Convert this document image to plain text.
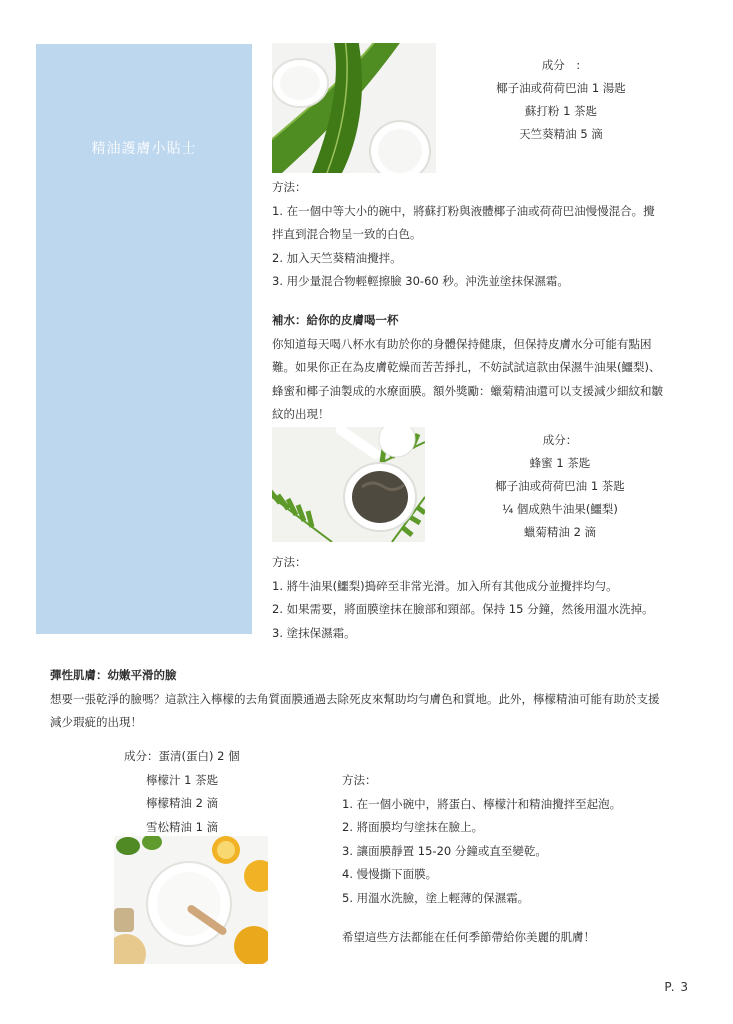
精油護膚小貼士
成分　:
椰子油或荷荷巴油 1 湯匙
蘇打粉 1 茶匙
天竺葵精油 5 滴
方法：
1. 在一個中等大小的碗中，將蘇打粉與液體椰子油或荷荷巴油慢慢混合。攪
拌直到混合物呈一致的白色。
2. 加入天竺葵精油攪拌。
3. 用少量混合物輕輕擦臉 30-60 秒。沖洗並塗抹保濕霜。
補水：給你的皮膚喝一杯
你知道每天喝八杯水有助於你的身體保持健康，但保持皮膚水分可能有點困
難。如果你正在為皮膚乾燥而苦苦掙扎，不妨試試這款由保濕牛油果(鱷梨)、
蜂蜜和椰子油製成的水療面膜。額外獎勵：蠟菊精油還可以支援減少細紋和皺
紋的出現！
成分：
蜂蜜 1 茶匙
椰子油或荷荷巴油 1 茶匙
¼ 個成熟牛油果(鱷梨)
蠟菊精油 2 滴
方法：
1. 將牛油果(鱷梨)搗碎至非常光滑。加入所有其他成分並攪拌均勻。
2. 如果需要，將面膜塗抹在臉部和頸部。保持 15 分鐘，然後用溫水洗掉。
3. 塗抹保濕霜。
彈性肌膚：幼嫩平滑的臉
想要一張乾淨的臉嗎？這款注入檸檬的去角質面膜通過去除死皮來幫助均勻膚色和質地。此外，檸檬精油可能有助於支援
減少瑕疵的出現！
成分：蛋清(蛋白) 2 個
檸檬汁 1 茶匙
檸檬精油 2 滴
雪松精油 1 滴
方法：
1. 在一個小碗中，將蛋白、檸檬汁和精油攪拌至起泡。
2. 將面膜均勻塗抹在臉上。
3. 讓面膜靜置 15-20 分鐘或直至變乾。
4. 慢慢撕下面膜。
5. 用溫水洗臉，塗上輕薄的保濕霜。
希望這些方法都能在任何季節帶給你美麗的肌膚！
P. 3
